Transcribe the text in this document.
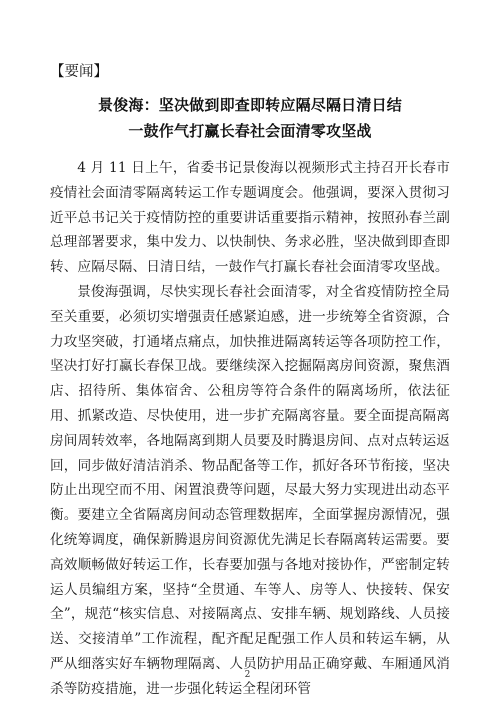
【要闻】

景俊海：坚决做到即查即转应隔尽隔日清日结
一鼓作气打赢长春社会面清零攻坚战

4 月 11 日上午，省委书记景俊海以视频形式主持召开长春市疫情社会面清零隔离转运工作专题调度会。他强调，要深入贯彻习近平总书记关于疫情防控的重要讲话重要指示精神，按照孙春兰副总理部署要求，集中发力、以快制快、务求必胜，坚决做到即查即转、应隔尽隔、日清日结，一鼓作气打赢长春社会面清零攻坚战。

景俊海强调，尽快实现长春社会面清零，对全省疫情防控全局至关重要，必须切实增强责任感紧迫感，进一步统筹全省资源，合力攻坚突破，打通堵点痛点，加快推进隔离转运等各项防控工作，坚决打好打赢长春保卫战。要继续深入挖掘隔离房间资源，聚焦酒店、招待所、集体宿舍、公租房等符合条件的隔离场所，依法征用、抓紧改造、尽快使用，进一步扩充隔离容量。要全面提高隔离房间周转效率，各地隔离到期人员要及时腾退房间、点对点转运返回，同步做好清洁消杀、物品配备等工作，抓好各环节衔接，坚决防止出现空而不用、闲置浪费等问题，尽最大努力实现进出动态平衡。要建立全省隔离房间动态管理数据库，全面掌握房源情况，强化统筹调度，确保新腾退房间资源优先满足长春隔离转运需要。要高效顺畅做好转运工作，长春要加强与各地对接协作，严密制定转运人员编组方案，坚持“全贯通、车等人、房等人、快接转、保安全”，规范“核实信息、对接隔离点、安排车辆、规划路线、人员接送、交接清单”工作流程，配齐配足配强工作人员和转运车辆，从严从细落实好车辆物理隔离、人员防护用品正确穿戴、车厢通风消杀等防疫措施，进一步强化转运全程闭环管

2
